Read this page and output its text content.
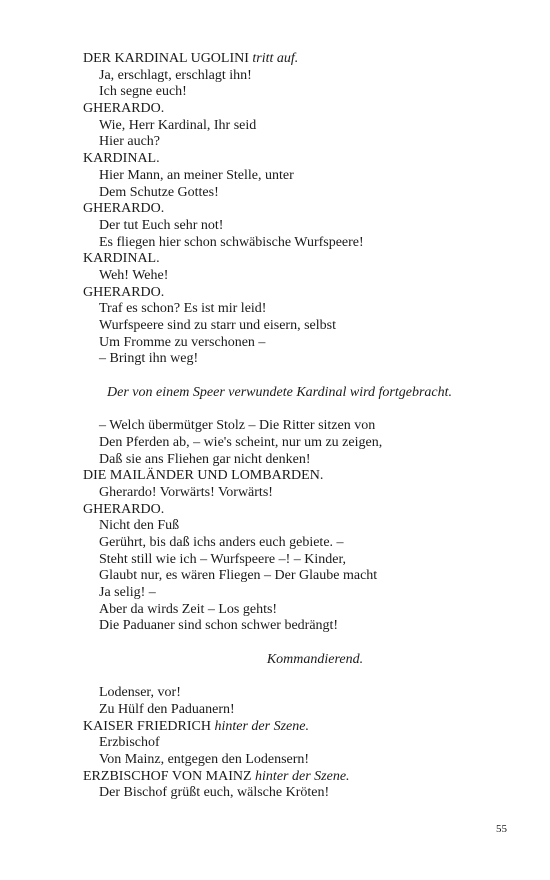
DER KARDINAL UGOLINI tritt auf.
Ja, erschlagt, erschlagt ihn!
Ich segne euch!
GHERARDO.
Wie, Herr Kardinal, Ihr seid
Hier auch?
KARDINAL.
Hier Mann, an meiner Stelle, unter
Dem Schutze Gottes!
GHERARDO.
Der tut Euch sehr not!
Es fliegen hier schon schwäbische Wurfspeere!
KARDINAL.
Weh! Wehe!
GHERARDO.
Traf es schon? Es ist mir leid!
Wurfspeere sind zu starr und eisern, selbst
Um Fromme zu verschonen –
– Bringt ihn weg!
Der von einem Speer verwundete Kardinal wird fortgebracht.
– Welch übermütger Stolz – Die Ritter sitzen von
Den Pferden ab, – wie's scheint, nur um zu zeigen,
Daß sie ans Fliehen gar nicht denken!
DIE MAILÄNDER UND LOMBARDEN.
Gherardo! Vorwärts! Vorwärts!
GHERARDO.
Nicht den Fuß
Gerührt, bis daß ichs anders euch gebiete. –
Steht still wie ich – Wurfspeere –! – Kinder,
Glaubt nur, es wären Fliegen – Der Glaube macht
Ja selig! –
Aber da wirds Zeit – Los gehts!
Die Paduaner sind schon schwer bedrängt!
Kommandierend.
Lodenser, vor!
Zu Hülf den Paduanern!
KAISER FRIEDRICH hinter der Szene.
Erzbischof
Von Mainz, entgegen den Lodensern!
ERZBISCHOF VON MAINZ hinter der Szene.
Der Bischof grüßt euch, wälsche Kröten!
55
